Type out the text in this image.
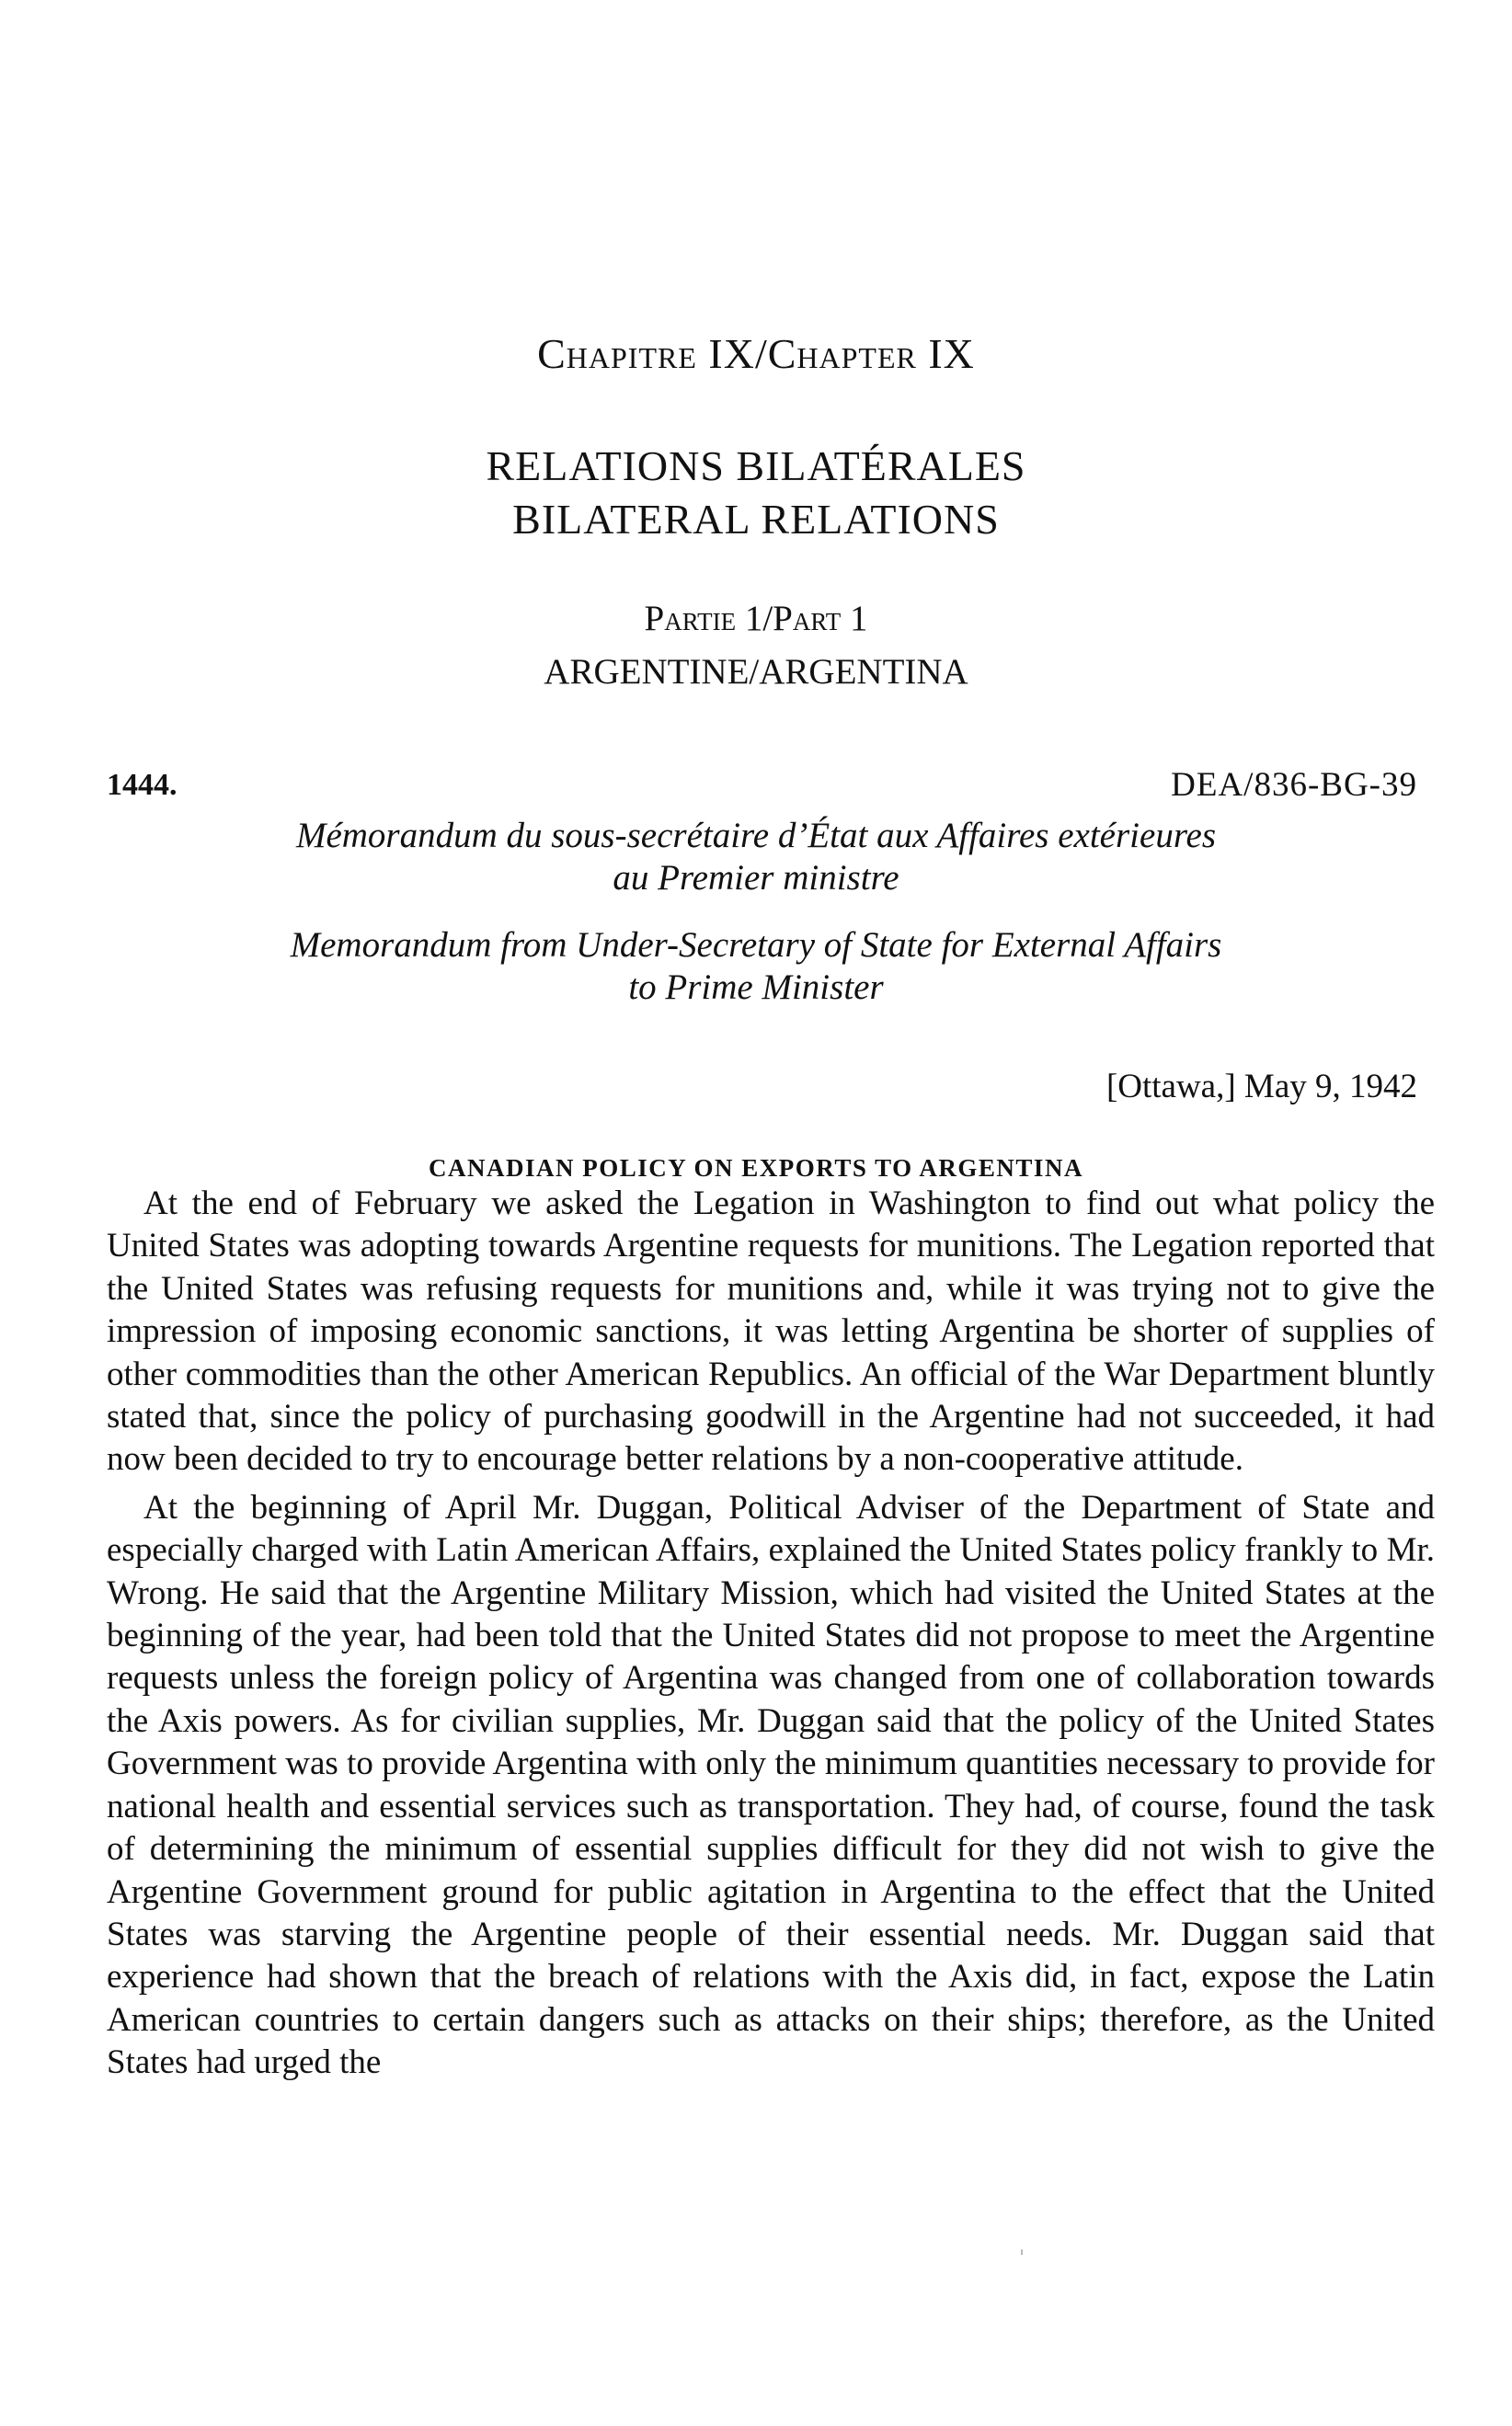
Chapitre IX/Chapter IX
RELATIONS BILATÉRALES
BILATERAL RELATIONS
Partie 1/Part 1
ARGENTINE/ARGENTINA
1444.	DEA/836-BG-39
Mémorandum du sous-secrétaire d’État aux Affaires extérieures
au Premier ministre
Memorandum from Under-Secretary of State for External Affairs
to Prime Minister
[Ottawa,] May 9, 1942
CANADIAN POLICY ON EXPORTS TO ARGENTINA

At the end of February we asked the Legation in Washington to find out what policy the United States was adopting towards Argentine requests for munitions. The Legation reported that the United States was refusing requests for munitions and, while it was trying not to give the impression of imposing economic sanctions, it was letting Argentina be shorter of supplies of other commodities than the other American Republics. An official of the War Department bluntly stated that, since the policy of purchasing goodwill in the Argentine had not succeeded, it had now been decided to try to encourage better relations by a non-cooperative attitude.

At the beginning of April Mr. Duggan, Political Adviser of the Department of State and especially charged with Latin American Affairs, explained the United States policy frankly to Mr. Wrong. He said that the Argentine Military Mission, which had visited the United States at the beginning of the year, had been told that the United States did not propose to meet the Argentine requests unless the foreign policy of Argentina was changed from one of collaboration towards the Axis powers. As for civilian supplies, Mr. Duggan said that the policy of the United States Government was to provide Argentina with only the minimum quantities necessary to provide for national health and essential services such as transportation. They had, of course, found the task of determining the minimum of essential supplies difficult for they did not wish to give the Argentine Government ground for public agitation in Argentina to the effect that the United States was starving the Argentine people of their essential needs. Mr. Duggan said that experience had shown that the breach of relations with the Axis did, in fact, expose the Latin American countries to certain dangers such as attacks on their ships; therefore, as the United States had urged the
